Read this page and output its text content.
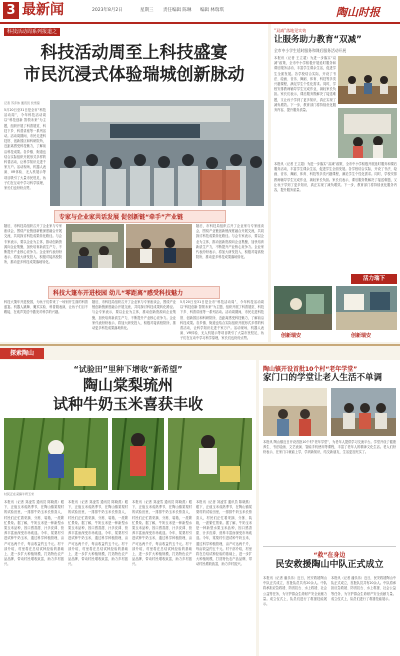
3 最新闻	2023年8月2日	星期三 责任编辑 陈琳 编辑 林瑞琪	陶山时报
科技活动周系列报道之
科技活动周至上科技盛宴
市民沉浸式体验瑞城创新脉动
记者 苏乔伟 通讯员 於雪琼
5月20日至31日是全市“科技活动周”，今年科技活动周以“科技创新 智领未来”为主题，组织开展了科普展览、科技下乡、科普讲座等一系列活动。活动周期间，市民走进科技馆、创新园区和科研院所，近距离感受科技魅力，了解前沿科技成果。各乡镇、街道也结合实际组织开展形式多样的科普活动，让科学知识走进千家万户。活动现场，机器人表演、VR体验、无人机展示等项目吸引了大量市民驻足，孩子们在互动中学习科学原理，家长们也纷纷点赞。
专家与企业家共话发展 促创新链“牵手”产业链
随后，市科技局组织召开了企业家与专家座谈会，围绕产业链创新链深度融合开展交流，共同探讨科技成果转化路径。与会专家表示，要以企业为主体，推动创新资源向企业集聚，加快培育新质生产力，不断提升产业核心竞争力。企业家代表纷纷表示，将加大研发投入，积极对接高校院所，推动更多科技成果落地转化。
随后，市科技局组织召开了企业家与专家座谈会，围绕产业链创新链深度融合开展交流，共同探讨科技成果转化路径。与会专家表示，要以企业为主体，推动创新资源向企业集聚，加快培育新质生产力，不断提升产业核心竞争力。企业家代表纷纷表示，将加大研发投入，积极对接高校院所，推动更多科技成果落地转化。
科技大篷车开进校园 幼儿“零距离”感受科技魅力
科技大篷车开进校园，为孩子们带来了一场别开生面的科普盛宴。机器人跳舞、魔术实验、科普剧表演，让孩子们目不暇接，在欢声笑语中激发对科学的兴趣。
随后，市科技局组织召开了企业家与专家座谈会，围绕产业链创新链深度融合开展交流，共同探讨科技成果转化路径。与会专家表示，要以企业为主体，推动创新资源向企业集聚，加快培育新质生产力，不断提升产业核心竞争力。企业家代表纷纷表示，将加大研发投入，积极对接高校院所，推动更多科技成果落地转化。
5月20日至31日是全市“科技活动周”，今年科技活动周以“科技创新 智领未来”为主题，组织开展了科普展览、科技下乡、科普讲座等一系列活动。活动周期间，市民走进科技馆、创新园区和科研院所，近距离感受科技魅力，了解前沿科技成果。各乡镇、街道也结合实际组织开展形式多样的科普活动，让科学知识走进千家万户。活动现场，机器人表演、VR体验、无人机展示等项目吸引了大量市民驻足，孩子们在互动中学习科学原理，家长们也纷纷点赞。
“双减”落地见实效
让服务助力教育“双减”
全市中小学生延时服务和课后服务活动开展
本报讯（记者 王立超）为进一步落实“双减”政策，全市中小学积极开展延时服务和课后服务活动，丰富学生课余生活，促进学生全面发展。各学校结合实际，开设了书法、绘画、音乐、舞蹈、体育、科技等多类兴趣课程，满足学生个性化需求。同时，学校安排教师辅导学生完成作业，减轻家长负担。家长们表示，课后服务既解决了接送难题，又让孩子学到了更多知识，真正实现了减负增效。下一步，教育部门将持续优化服务内容，提升服务质量。
本报讯（记者 王立超）为进一步落实“双减”政策，全市中小学积极开展延时服务和课后服务活动，丰富学生课余生活，促进学生全面发展。各学校结合实际，开设了书法、绘画、音乐、舞蹈、体育、科技等多类兴趣课程，满足学生个性化需求。同时，学校安排教师辅导学生完成作业，减轻家长负担。家长们表示，课后服务既解决了接送难题，又让孩子学到了更多知识，真正实现了减负增效。下一步，教育部门将持续优化服务内容，提升服务质量。
活力瑞下
创新瑞安	创新瑞安
探索陶山
“试验田”里种下增收“新希望”
陶山棠梨琉州
试种牛奶玉米喜获丰收
村民正在采摘牛奶玉米
本报讯（记者 刘凌雪 通讯员 陈晓燕）眼下，正值玉米成熟季节，在陶山镇棠梨村的试验田里，一排排牛奶玉米长势喜人，村民们正忙着采摘、分拣、装箱，一派繁忙景象。据了解，牛奶玉米是一种新型水果玉米品种，因口感香甜、汁多皮薄、营养丰富而深受市场欢迎。今年，棠梨村引进试种牛奶玉米，通过科学种植管理，亩产可达两千斤，每亩收益约五千元。村干部介绍，村里将在总结试种经验的基础上，进一步扩大种植规模，打造特色农产品品牌，带动村民增收致富，助力乡村振兴。
本报讯（记者 刘凌雪 通讯员 陈晓燕）眼下，正值玉米成熟季节，在陶山镇棠梨村的试验田里，一排排牛奶玉米长势喜人，村民们正忙着采摘、分拣、装箱，一派繁忙景象。据了解，牛奶玉米是一种新型水果玉米品种，因口感香甜、汁多皮薄、营养丰富而深受市场欢迎。今年，棠梨村引进试种牛奶玉米，通过科学种植管理，亩产可达两千斤，每亩收益约五千元。村干部介绍，村里将在总结试种经验的基础上，进一步扩大种植规模，打造特色农产品品牌，带动村民增收致富，助力乡村振兴。
本报讯（记者 刘凌雪 通讯员 陈晓燕）眼下，正值玉米成熟季节，在陶山镇棠梨村的试验田里，一排排牛奶玉米长势喜人，村民们正忙着采摘、分拣、装箱，一派繁忙景象。据了解，牛奶玉米是一种新型水果玉米品种，因口感香甜、汁多皮薄、营养丰富而深受市场欢迎。今年，棠梨村引进试种牛奶玉米，通过科学种植管理，亩产可达两千斤，每亩收益约五千元。村干部介绍，村里将在总结试种经验的基础上，进一步扩大种植规模，打造特色农产品品牌，带动村民增收致富，助力乡村振兴。
本报讯（记者 刘凌雪 通讯员 陈晓燕）眼下，正值玉米成熟季节，在陶山镇棠梨村的试验田里，一排排牛奶玉米长势喜人，村民们正忙着采摘、分拣、装箱，一派繁忙景象。据了解，牛奶玉米是一种新型水果玉米品种，因口感香甜、汁多皮薄、营养丰富而深受市场欢迎。今年，棠梨村引进试种牛奶玉米，通过科学种植管理，亩产可达两千斤，每亩收益约五千元。村干部介绍，村里将在总结试种经验的基础上，进一步扩大种植规模，打造特色农产品品牌，带动村民增收致富，助力乡村振兴。
陶山镇开设首批10个村“老年学堂”
家门口的学堂让老人生活不单调
本报讯 陶山镇近日开设首批10个村“老年学堂”，为老年人提供学习交流平台。学堂开设了健康养生、书法绘画、文艺表演、智能手机使用等课程，丰富了老年人的精神文化生活。老人们纷纷表示，在家门口就能上学，学到新知识，结交新朋友，生活更加充实了。
“救”在身边
民安救援陶山中队正式成立
本报讯（记者 潘乐乐）近日，民安救援陶山中队正式成立，首批队员共有20余人。中队将承担应急救援、防汛抗台、水上救援、社会公益等任务，为守护群众生命财产安全贡献力量。成立仪式上，队员们进行了救援技能展示。
本报讯（记者 潘乐乐）近日，民安救援陶山中队正式成立，首批队员共有20余人。中队将承担应急救援、防汛抗台、水上救援、社会公益等任务，为守护群众生命财产安全贡献力量。成立仪式上，队员们进行了救援技能展示。
